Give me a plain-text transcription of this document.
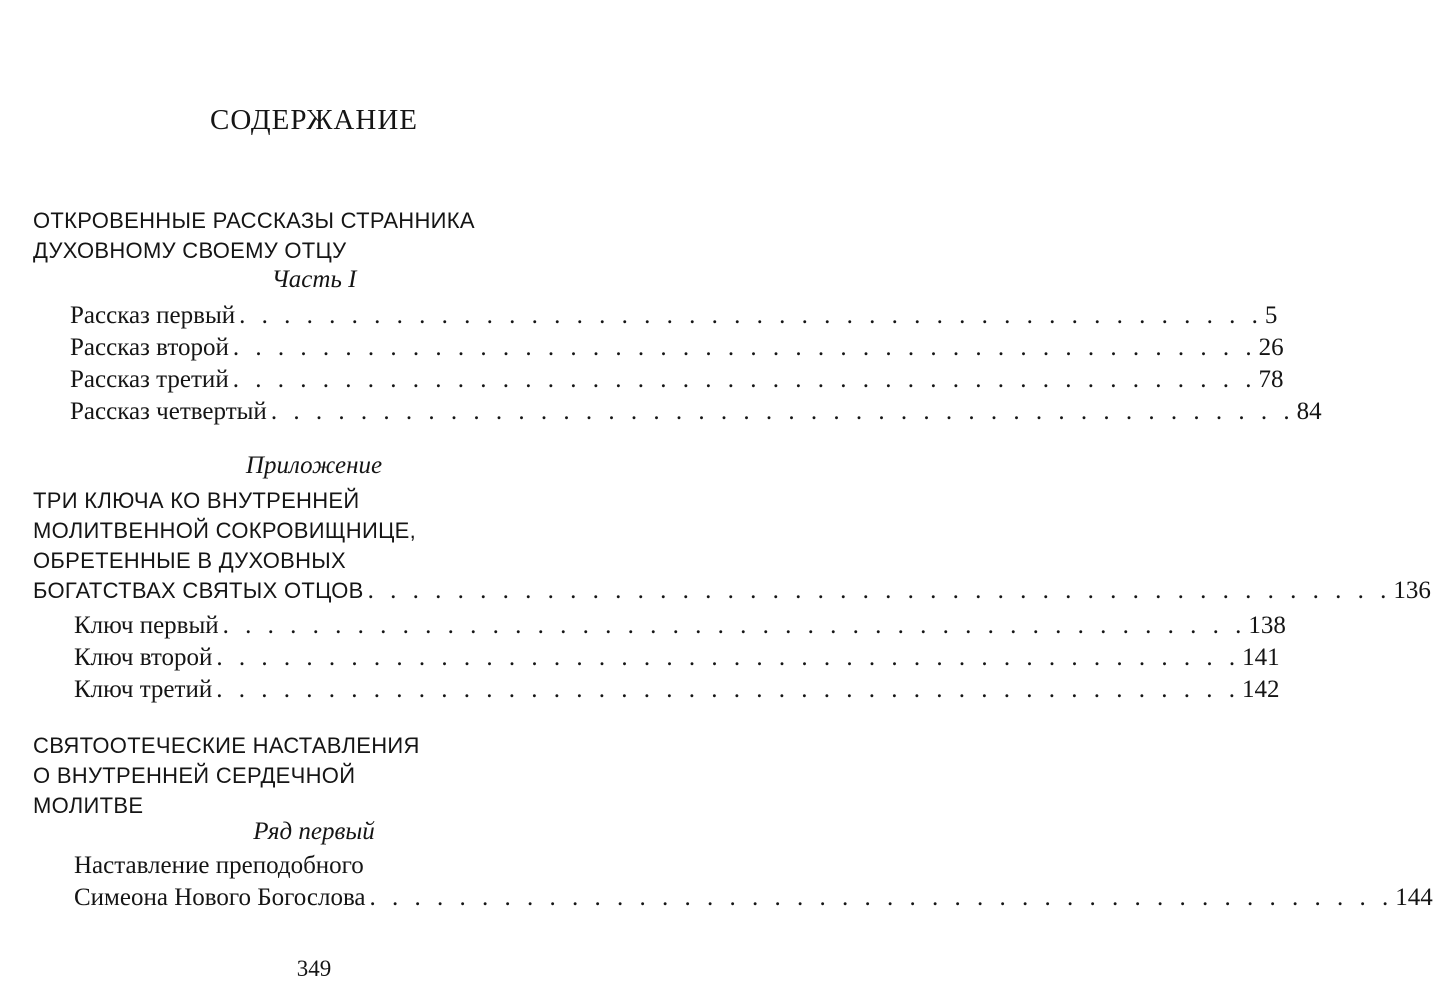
СОДЕРЖАНИЕ
ОТКРОВЕННЫЕ РАССКАЗЫ СТРАННИКА
ДУХОВНОМУ СВОЕМУ ОТЦУ
Часть I
Рассказ первый . . . . . . . . . . . . . . . . . . . . . . . . . . . . . . . . . . . . . . . . . . . . . . 5
Рассказ второй . . . . . . . . . . . . . . . . . . . . . . . . . . . . . . . . . . . . . . . . . . . . . . 26
Рассказ третий . . . . . . . . . . . . . . . . . . . . . . . . . . . . . . . . . . . . . . . . . . . . . . 78
Рассказ четвертый . . . . . . . . . . . . . . . . . . . . . . . . . . . . . . . . . . . . . . . . . . . . . . 84
Приложение
ТРИ КЛЮЧА КО ВНУТРЕННЕЙ
МОЛИТВЕННОЙ СОКРОВИЩНИЦЕ,
ОБРЕТЕННЫЕ В ДУХОВНЫХ
БОГАТСТВАХ СВЯТЫХ ОТЦОВ . . . . . . . . . . . . . . . . . . . . . . . . . . . . . . . . . . . . . . . . . . . . . . 136
Ключ первый . . . . . . . . . . . . . . . . . . . . . . . . . . . . . . . . . . . . . . . . . . . . . . 138
Ключ второй . . . . . . . . . . . . . . . . . . . . . . . . . . . . . . . . . . . . . . . . . . . . . . 141
Ключ третий . . . . . . . . . . . . . . . . . . . . . . . . . . . . . . . . . . . . . . . . . . . . . . 142
СВЯТООТЕЧЕСКИЕ НАСТАВЛЕНИЯ
О ВНУТРЕННЕЙ СЕРДЕЧНОЙ
МОЛИТВЕ
Ряд первый
Наставление преподобного
Симеона Нового Богослова . . . . . . . . . . . . . . . . . . . . . . . . . . . . . . . . . . . . . . . . . . . . . . 144
349
